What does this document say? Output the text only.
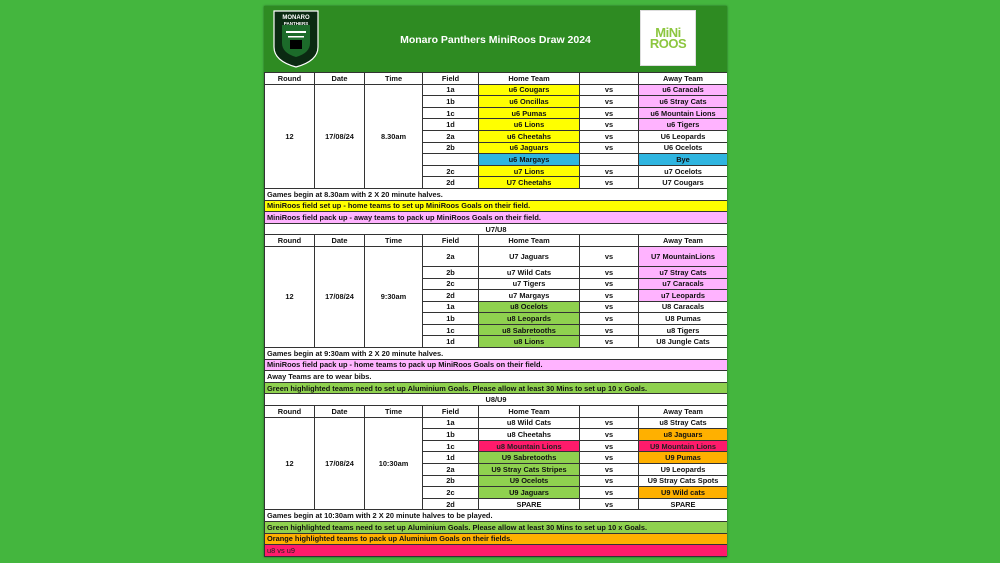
MONARO
PANTHERS
Monaro Panthers MiniRoos Draw 2024	MiNi ROOS
Round	Date	Time	Field	Home Team		Away Team
12	17/08/24	8.30am	1a	u6 Cougars	vs	u6 Caracals
			1b	u6 Oncillas	vs	u6 Stray Cats
			1c	u6 Pumas	vs	u6 Mountain Lions
			1d	u6 Lions	vs	u6 Tigers
			2a	u6 Cheetahs	vs	U6 Leopards
			2b	u6 Jaguars	vs	U6 Ocelots
				u6 Margays		Bye
			2c	u7 Lions	vs	u7 Ocelots
			2d	U7 Cheetahs	vs	U7 Cougars
Games begin at 8.30am with 2 X 20 minute halves.						
MiniRoos field set up - home teams to set up MiniRoos Goals on their field.						
MiniRoos field pack up - away teams to pack up MiniRoos Goals on their field.						
U7/U8						
Round	Date	Time	Field	Home Team		Away Team
12	17/08/24	9:30am	2a	U7 Jaguars	vs	U7 MountainLions
			2b	u7 Wild Cats	vs	u7 Stray Cats
			2c	u7 Tigers	vs	u7 Caracals
			2d	u7 Margays	vs	u7 Leopards
			1a	u8 Ocelots	vs	U8 Caracals
			1b	u8 Leopards	vs	U8 Pumas
			1c	u8 Sabretooths	vs	u8 Tigers
			1d	u8 Lions	vs	U8 Jungle Cats
Games begin at 9:30am with 2 X 20 minute halves.						
MiniRoos field pack up - home teams to pack up MiniRoos Goals on their field.						
Away Teams are to wear bibs.						
Green highlighted teams need to set up Aluminium Goals. Please allow at least 30 Mins to set up 10 x Goals.						
U8/U9						
Round	Date	Time	Field	Home Team		Away Team
12	17/08/24	10:30am	1a	u8 Wild Cats	vs	u8 Stray Cats
			1b	u8 Cheetahs	vs	u8 Jaguars
			1c	u8 Mountain Lions	vs	U9 Mountain Lions
			1d	U9 Sabretooths	vs	U9 Pumas
			2a	U9 Stray Cats Stripes	vs	U9 Leopards
			2b	U9 Ocelots	vs	U9 Stray Cats Spots
			2c	U9 Jaguars	vs	U9 Wild cats
			2d	SPARE	vs	SPARE
Games begin at 10:30am with 2 X 20 minute halves to be played.						
Green highlighted teams need to set up Aluminium Goals. Please allow at least 30 Mins to set up 10 x Goals.						
Orange highlighted teams to pack up Aluminium Goals on their fields.						
u8 vs u9						
